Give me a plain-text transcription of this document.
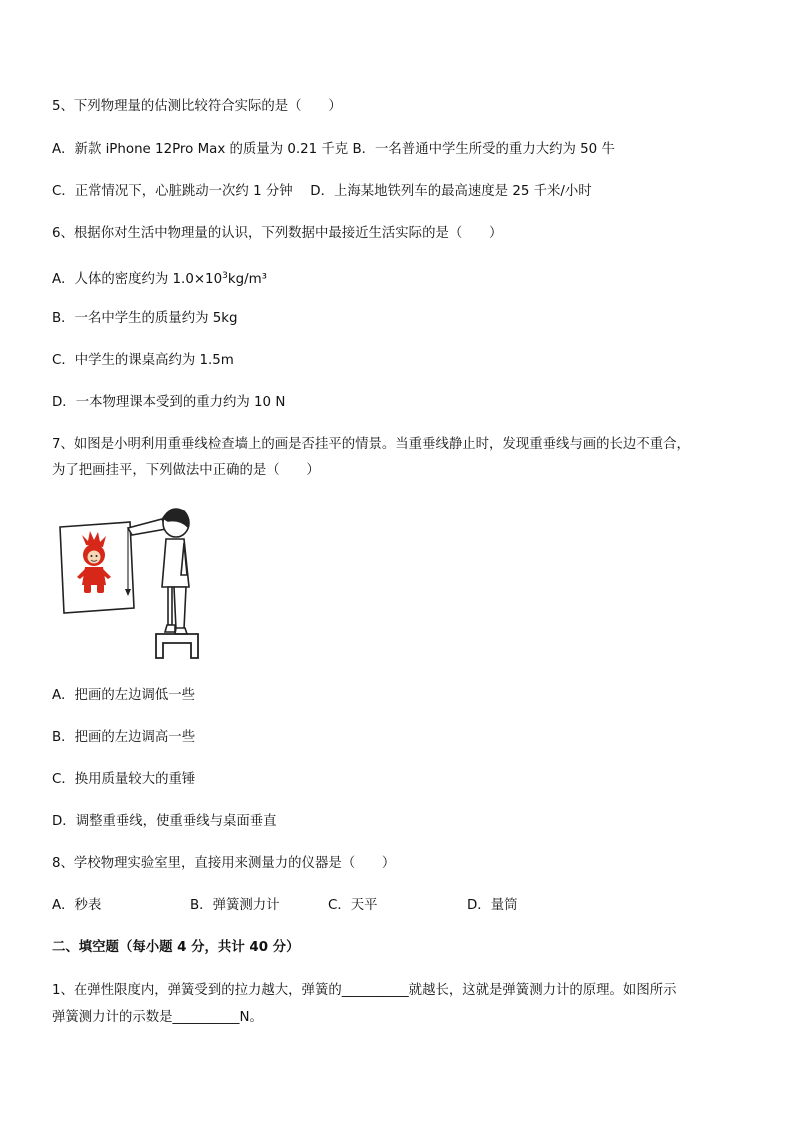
5、下列物理量的估测比较符合实际的是（　　）
A．新款 iPhone 12Pro Max 的质量为 0.21 千克 B．一名普通中学生所受的重力大约为 50 牛
C．正常情况下，心脏跳动一次约 1 分钟　 D．上海某地铁列车的最高速度是 25 千米/小时
6、根据你对生活中物理量的认识，下列数据中最接近生活实际的是（　　）
A．人体的密度约为 $1.0\times 10^3kg/m^3$
B．一名中学生的质量约为 5kg
C．中学生的课桌高约为 1.5m
D．一本物理课本受到的重力约为 10 N
7、如图是小明利用重垂线检查墙上的画是否挂平的情景。当重垂线静止时，发现重垂线与画的长边不重合，
为了把画挂平，下列做法中正确的是（　　）
A．把画的左边调低一些
B．把画的左边调高一些
C．换用质量较大的重锤
D．调整重垂线，使重垂线与桌面垂直
8、学校物理实验室里，直接用来测量力的仪器是（　　）
A．秒表	B．弹簧测力计	C．天平	D．量筒
二、填空题（每小题 4 分，共计 40 分）
1、在弹性限度内，弹簧受到的拉力越大，弹簧的__________就越长，这就是弹簧测力计的原理。如图所示
弹簧测力计的示数是__________N。
